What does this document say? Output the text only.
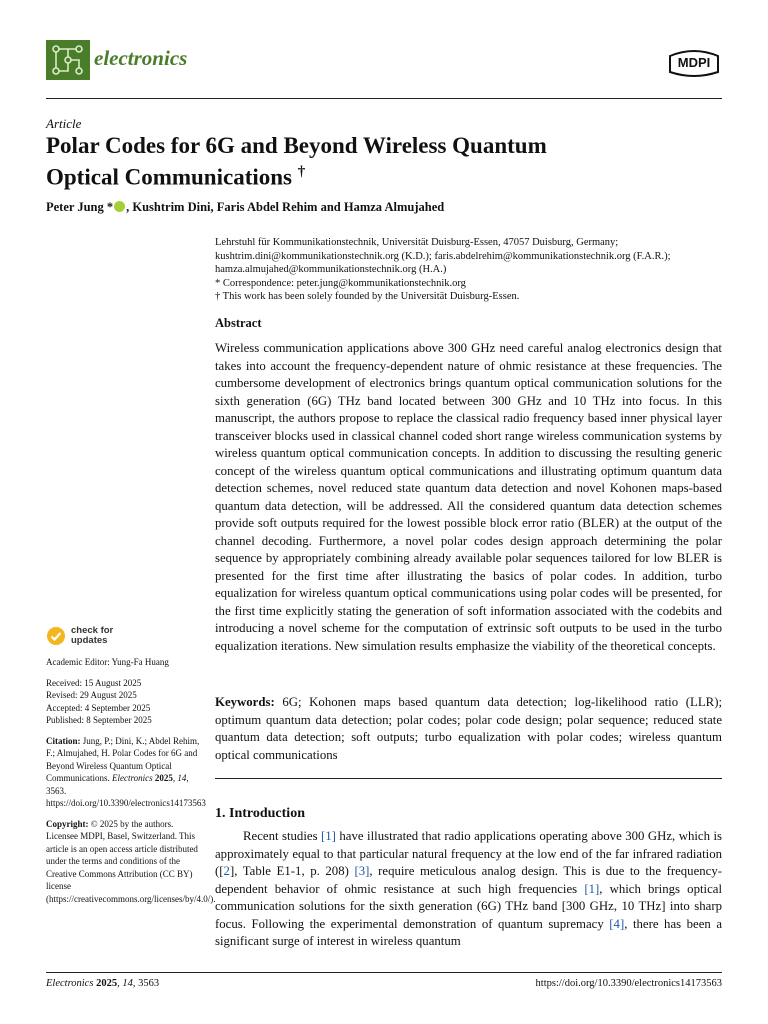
electronics	MDPI
Article
Polar Codes for 6G and Beyond Wireless Quantum
Optical Communications †
Peter Jung * , Kushtrim Dini, Faris Abdel Rehim and Hamza Almujahed
Lehrstuhl für Kommunikationstechnik, Universität Duisburg-Essen, 47057 Duisburg, Germany;
kushtrim.dini@kommunikationstechnik.org (K.D.); faris.abdelrehim@kommunikationstechnik.org (F.A.R.);
hamza.almujahed@kommunikationstechnik.org (H.A.)
* Correspondence: peter.jung@kommunikationstechnik.org
† This work has been solely founded by the Universität Duisburg-Essen.
Abstract
Wireless communication applications above 300 GHz need careful analog electronics design that takes into account the frequency-dependent nature of ohmic resistance at these frequencies. The cumbersome development of electronics brings quantum optical communication solutions for the sixth generation (6G) THz band located between 300 GHz and 10 THz into focus. In this manuscript, the authors propose to replace the classical radio frequency based inner physical layer transceiver blocks used in classical channel coded short range wireless communication systems by wireless quantum optical communication concepts. In addition to discussing the resulting generic concept of the wireless quantum optical communications and illustrating optimum quantum data detection schemes, novel reduced state quantum data detection and novel Kohonen maps-based quantum data detection, will be addressed. All the considered quantum data detection schemes provide soft outputs required for the lowest possible block error ratio (BLER) at the output of the channel decoding. Furthermore, a novel polar codes design approach determining the polar sequence by appropriately combining already available polar sequences tailored for low BLER is presented for the first time after illustrating the basics of polar codes. In addition, turbo equalization for wireless quantum optical communications using polar codes will be presented, for the first time explicitly stating the generation of soft information associated with the codebits and introducing a novel scheme for the computation of extrinsic soft outputs to be used in the turbo equalization iterations. New simulation results emphasize the viability of the theoretical concepts.
Keywords: 6G; Kohonen maps based quantum data detection; log-likelihood ratio (LLR); optimum quantum data detection; polar codes; polar code design; polar sequence; reduced state quantum data detection; soft outputs; turbo equalization with polar codes; wireless quantum optical communications
1. Introduction
Recent studies [1] have illustrated that radio applications operating above 300 GHz, which is approximately equal to that particular natural frequency at the low end of the far infrared radiation ([2], Table E1-1, p. 208) [3], require meticulous analog design. This is due to the frequency-dependent behavior of ohmic resistance at such high frequencies [1], which brings optical communication solutions for the sixth generation (6G) THz band [300 GHz, 10 THz] into sharp focus. Following the experimental demonstration of quantum supremacy [4], there has been a significant surge of interest in wireless quantum
check for
updates
Academic Editor: Yung-Fa Huang
Received: 15 August 2025
Revised: 29 August 2025
Accepted: 4 September 2025
Published: 8 September 2025
Citation: Jung, P.; Dini, K.; Abdel Rehim, F.; Almujahed, H. Polar Codes for 6G and Beyond Wireless Quantum Optical Communications. Electronics 2025, 14, 3563. https://doi.org/10.3390/electronics14173563
Copyright: © 2025 by the authors. Licensee MDPI, Basel, Switzerland. This article is an open access article distributed under the terms and conditions of the Creative Commons Attribution (CC BY) license (https://creativecommons.org/licenses/by/4.0/).
Electronics 2025, 14, 3563	https://doi.org/10.3390/electronics14173563
